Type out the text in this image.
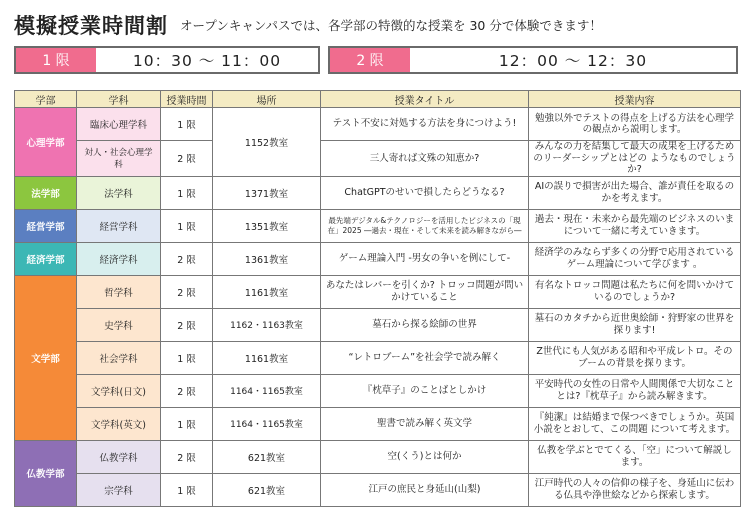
模擬授業時間割 オープンキャンパスでは、各学部の特徴的な授業を 30 分で体験できます！
1 限	10：30 〜 11：00	2 限	12：00 〜 12：30
学部	学科	授業時間	場所	授業タイトル	授業内容
心理学部	臨床心理学科	1 限	1152教室	テスト不安に対処する方法を身につけよう!	勉強以外でテストの得点を上げる方法を心理学の観点から説明します。
	対人・社会心理学科	2 限		三人寄れば文殊の知恵か?	みんなの力を結集して最大の成果を上げるためのリーダーシップとはどの ようなものでしょうか?
法学部	法学科	1 限	1371教室	ChatGPTのせいで損したらどうなる?	AIの誤りで損害が出た場合、誰が責任を取るのかを考えます。
経営学部	経営学科	1 限	1351教室	最先端デジタル&テクノロジーを活用したビジネスの「現在」2025 ―過去・現在・そして未来を読み解きながら―	過去・現在・未来から最先端のビジネスのいまについて一緒に考えていきます。
経済学部	経済学科	2 限	1361教室	ゲーム理論入門 -男女の争いを例にして-	経済学のみならず多くの分野で応用されているゲーム理論について学びます 。
文学部	哲学科	2 限	1161教室	あなたはレバーを引くか? トロッコ問題が問いかけていること	有名なトロッコ問題は私たちに何を問いかけているのでしょうか?
	史学科	2 限	1162・1163教室	墓石から探る絵師の世界	墓石のカタチから近世奥絵師・狩野家の世界を探ります!
	社会学科	1 限	1161教室	“レトロブーム”を社会学で読み解く	Z世代にも人気がある昭和や平成レトロ。そのブームの背景を探ります。
	文学科(日文)	2 限	1164・1165教室	『枕草子』のことばとしかけ	平安時代の女性の日常や人間関係で大切なこととは?『枕草子』から読み解きます。
	文学科(英文)	1 限	1164・1165教室	聖書で読み解く英文学	『純潔』は結婚まで保つべきでしょうか。英国小説をとおして、この問題 について考えます。
仏教学部	仏教学科	2 限	621教室	空(くう)とは何か	仏教を学ぶとでてくる、「空」について解説します。
	宗学科	1 限	621教室	江戸の庶民と身延山(山梨)	江戸時代の人々の信仰の様子を、身延山に伝わる仏具や浄世絵などから探索します。
